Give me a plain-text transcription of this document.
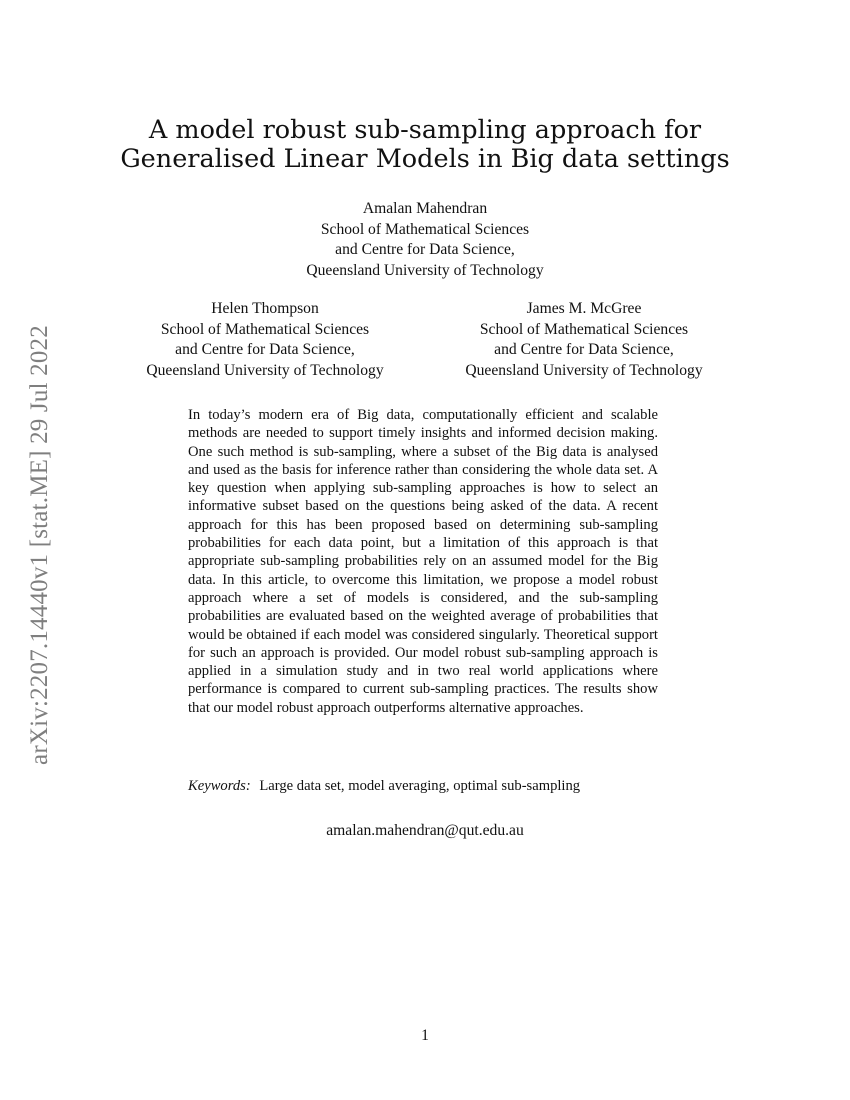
arXiv:2207.14440v1 [stat.ME] 29 Jul 2022
A model robust sub-sampling approach for
Generalised Linear Models in Big data settings
Amalan Mahendran
School of Mathematical Sciences
and Centre for Data Science,
Queensland University of Technology
Helen Thompson
School of Mathematical Sciences
and Centre for Data Science,
Queensland University of Technology
James M. McGree
School of Mathematical Sciences
and Centre for Data Science,
Queensland University of Technology

In today’s modern era of Big data, computationally efficient and scalable methods are needed to support timely insights and informed decision making. One such method is sub-sampling, where a subset of the Big data is analysed and used as the basis for inference rather than considering the whole data set. A key question when applying sub-sampling approaches is how to select an informative subset based on the questions being asked of the data. A recent approach for this has been proposed based on determining sub-sampling probabilities for each data point, but a limitation of this approach is that appropriate sub-sampling probabilities rely on an assumed model for the Big data. In this article, to overcome this limitation, we propose a model robust approach where a set of models is considered, and the sub-sampling probabilities are evaluated based on the weighted average of probabilities that would be obtained if each model was considered singularly. Theoretical support for such an approach is provided. Our model robust sub-sampling approach is applied in a simulation study and in two real world applications where performance is compared to current sub-sampling practices. The results show that our model robust approach outperforms alternative approaches.

Keywords: Large data set, model averaging, optimal sub-sampling
amalan.mahendran@qut.edu.au
1
